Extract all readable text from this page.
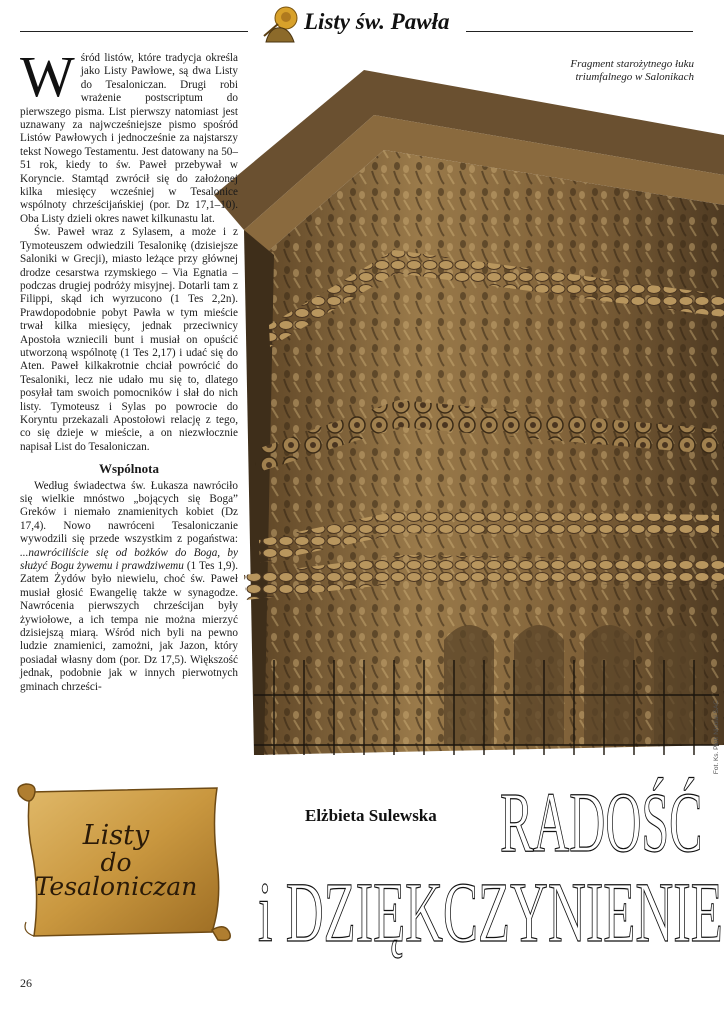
Listy św. Pawła
Fot. Ks. Piotr Nicolai SAC
Fragment starożytnego łuku
triumfalnego w Salonikach

Wśród listów, które tradycja określa jako Listy Pawłowe, są dwa Listy do Tesaloniczan. Drugi robi wrażenie postscriptum do pierwszego pisma. List pierwszy natomiast jest uznawany za najwcześniejsze pismo spośród Listów Pawłowych i jednocześnie za najstarszy tekst Nowego Testamentu. Jest datowany na 50–51 rok, kiedy to św. Paweł przebywał w Koryncie. Stamtąd zwrócił się do założonej kilka miesięcy wcześniej w Tesalonice wspólnoty chrześcijańskiej (por. Dz 17,1–10). Oba Listy dzieli okres nawet kilkunastu lat.

Św. Paweł wraz z Sylasem, a może i z Tymoteuszem odwiedzili Tesalonikę (dzisiejsze Saloniki w Grecji), miasto leżące przy głównej drodze cesarstwa rzymskiego – Via Egnatia – podczas drugiej podróży misyjnej. Dotarli tam z Filippi, skąd ich wyrzucono (1 Tes 2,2n). Prawdopodobnie pobyt Pawła w tym mieście trwał kilka miesięcy, jednak przeciwnicy Apostoła wzniecili bunt i musiał on opuścić utworzoną wspólnotę (1 Tes 2,17) i udać się do Aten. Paweł kilkakrotnie chciał powrócić do Tesaloniki, lecz nie udało mu się to, dlatego posyłał tam swoich pomocników i słał do nich listy. Tymoteusz i Sylas po powrocie do Koryntu przekazali Apostołowi relację z tego, co się dzieje w mieście, a on niezwłocznie napisał List do Tesaloniczan.

Wspólnota

Według świadectwa św. Łukasza nawróciło się wielkie mnóstwo „bojących się Boga” Greków i niemało znamienitych kobiet (Dz 17,4). Nowo nawróceni Tesaloniczanie wywodzili się przede wszystkim z pogaństwa: ...nawróciliście się od bożków do Boga, by służyć Bogu żywemu i prawdziwemu (1 Tes 1,9). Zatem Żydów było niewielu, choć św. Paweł musiał głosić Ewangelię także w synagodze. Nawrócenia pierwszych chrześcijan były żywiołowe, a ich tempa nie można mierzyć dzisiejszą miarą. Wśród nich byli na pewno ludzie znamienici, zamożni, jak Jazon, który posiadał własny dom (por. Dz 17,5). Większość jednak, podobnie jak w innych pierwotnych gminach chrześci-

Listy
do
Tesaloniczan
Elżbieta Sulewska RADOŚĆ
i DZIĘKCZYNIENIE
26
